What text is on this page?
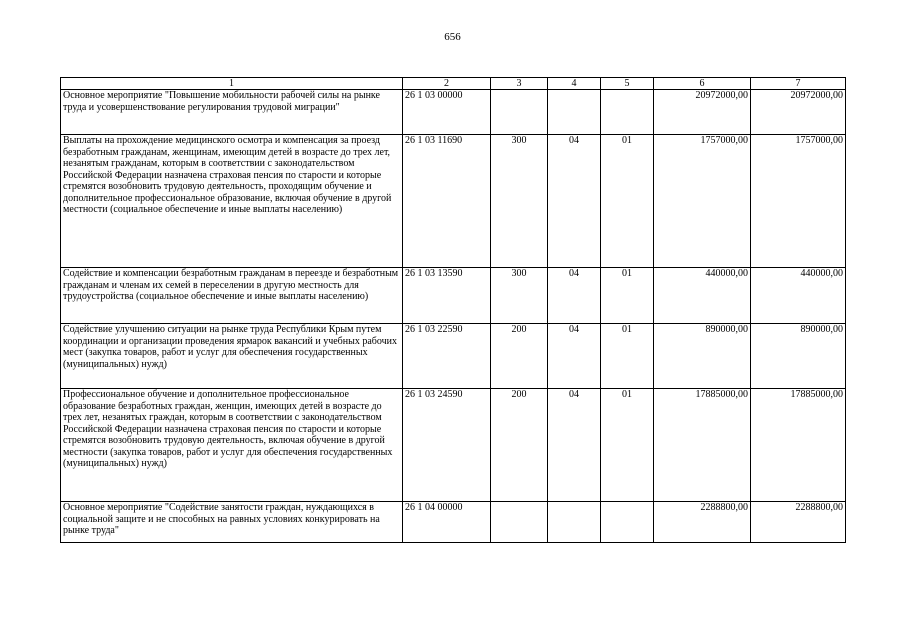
656
1	2	3	4	5	6	7
Основное мероприятие "Повышение мобильности рабочей силы на рынке труда и усовершенствование регулирования трудовой миграции"	26 1 03 00000				20972000,00	20972000,00
Выплаты на прохождение медицинского осмотра и компенсация за проезд безработным гражданам, женщинам, имеющим детей в возрасте до трех лет, незанятым гражданам, которым в соответствии с законодательством Российской Федерации назначена страховая пенсия по старости и которые стремятся возобновить трудовую деятельность, проходящим обучение и дополнительное профессиональное образование, включая обучение в другой местности (социальное обеспечение и иные выплаты населению)	26 1 03 11690	300	04	01	1757000,00	1757000,00
Содействие и компенсации безработным гражданам в переезде и безработным гражданам и членам их семей в переселении в другую местность для трудоустройства (социальное обеспечение и иные выплаты населению)	26 1 03 13590	300	04	01	440000,00	440000,00
Содействие улучшению ситуации на рынке труда Республики Крым путем координации и организации проведения ярмарок вакансий и учебных рабочих мест (закупка товаров, работ и услуг для обеспечения государственных (муниципальных) нужд)	26 1 03 22590	200	04	01	890000,00	890000,00
Профессиональное обучение и дополнительное профессиональное образование безработных граждан, женщин, имеющих детей в возрасте до трех лет, незанятых граждан, которым в соответствии с законодательством Российской Федерации назначена страховая пенсия по старости и которые стремятся возобновить трудовую деятельность, включая обучение в другой местности (закупка товаров, работ и услуг для обеспечения государственных (муниципальных) нужд)	26 1 03 24590	200	04	01	17885000,00	17885000,00
Основное мероприятие "Содействие занятости граждан, нуждающихся в социальной защите и не способных на равных условиях конкурировать на рынке труда"	26 1 04 00000				2288800,00	2288800,00
